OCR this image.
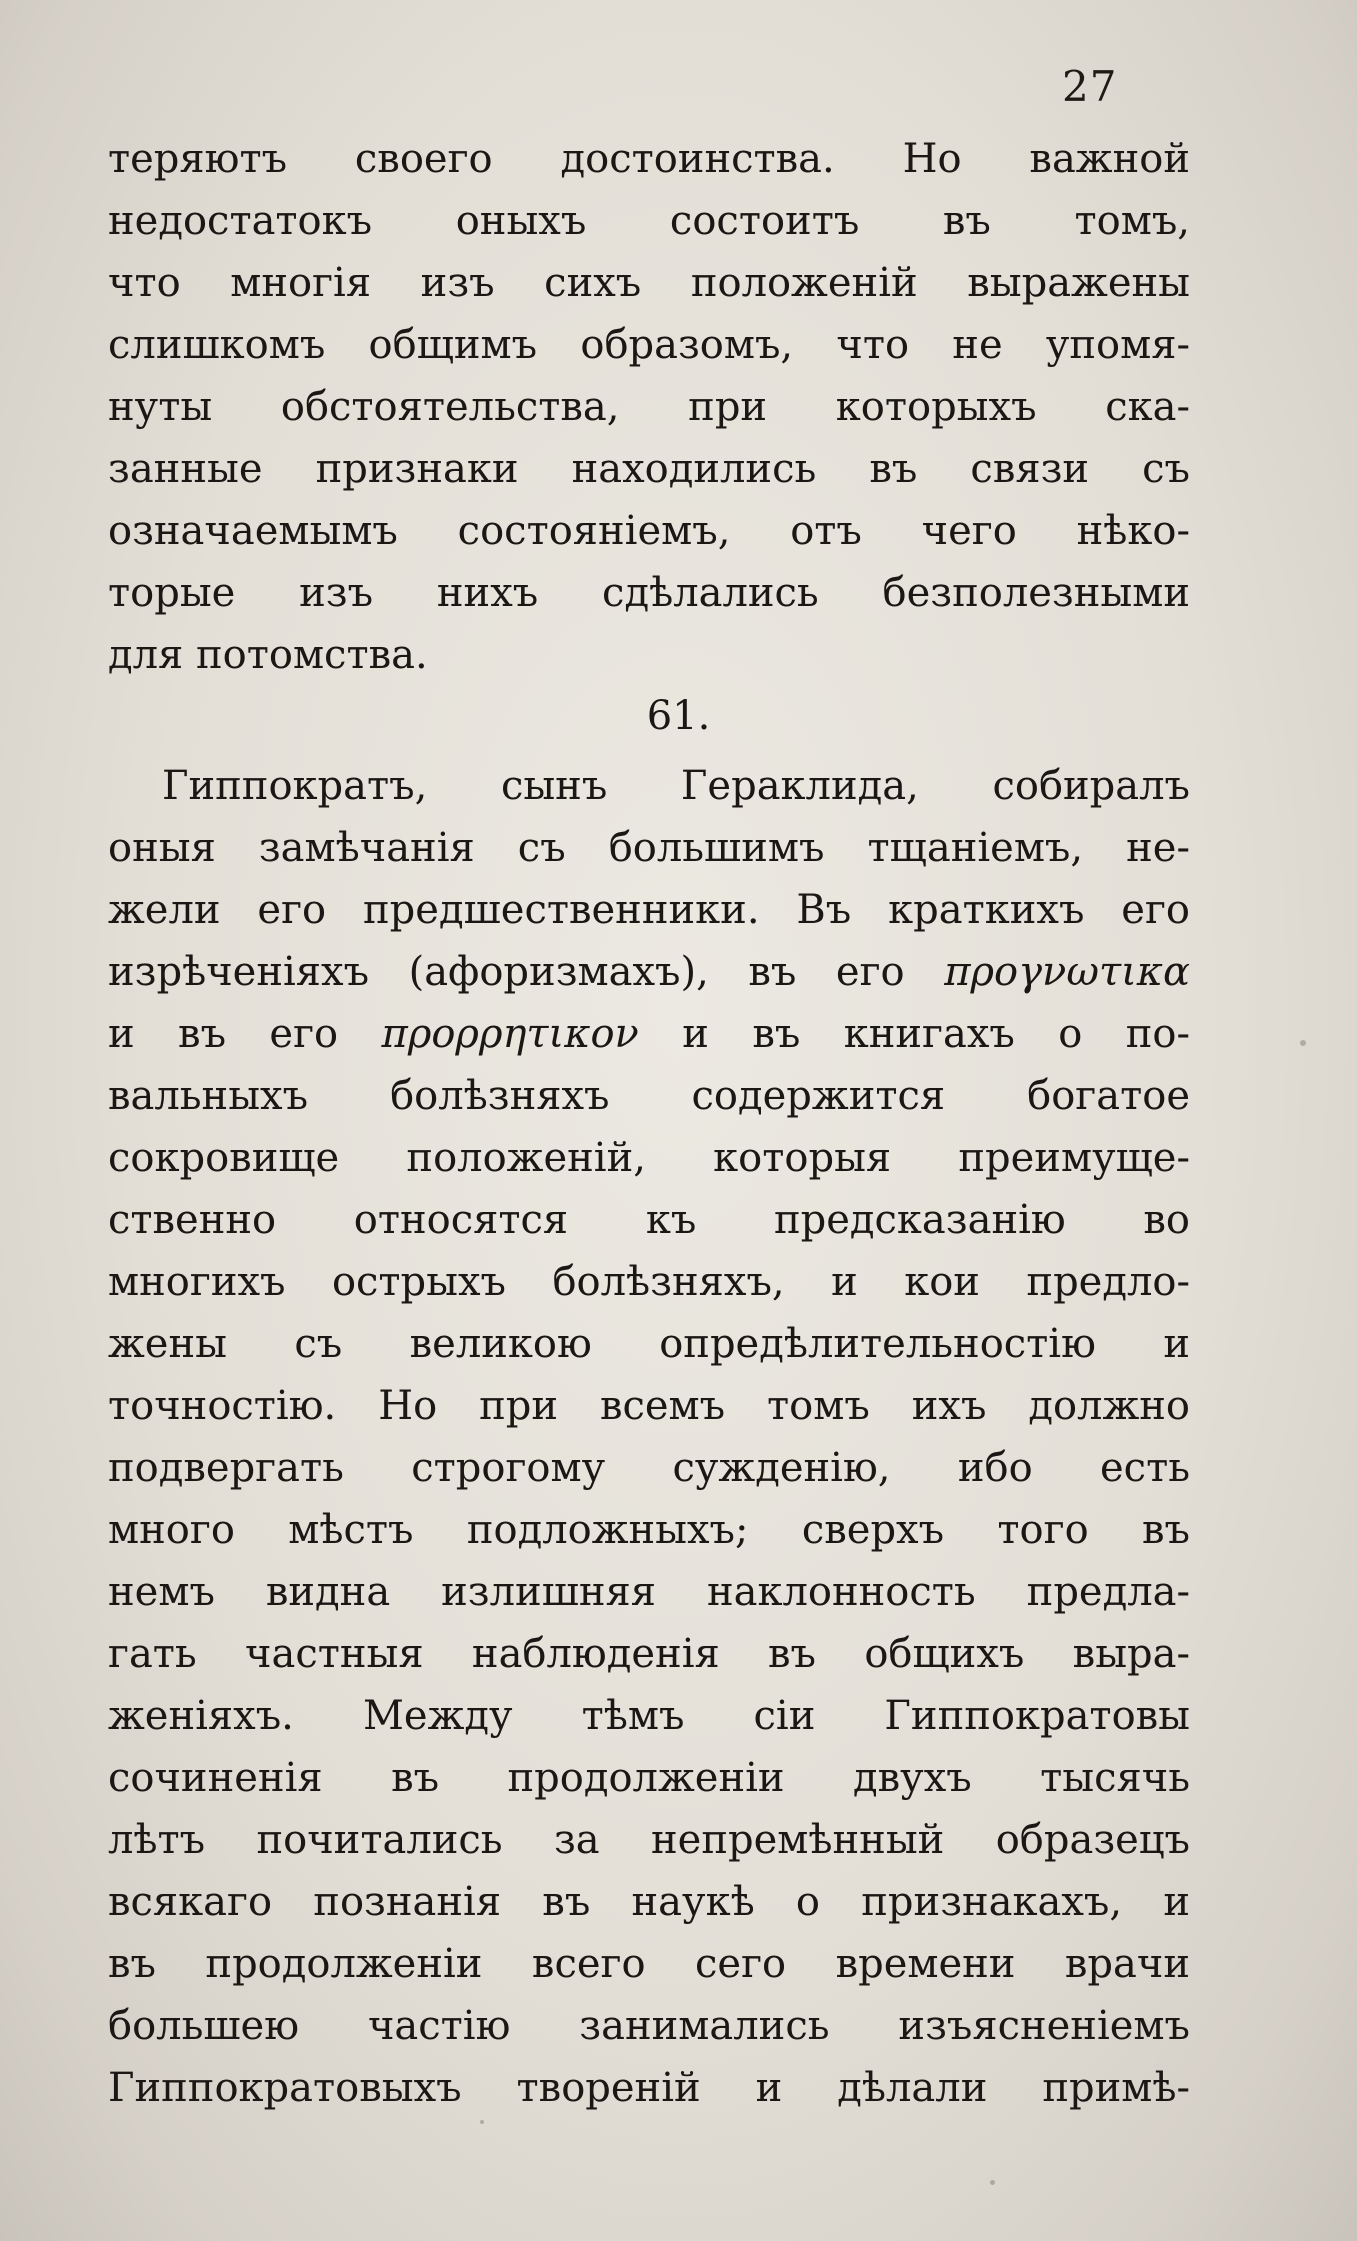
27
теряютъ своего достоинства. Но важной
недостатокъ оныхъ состоитъ въ томъ,
что многія изъ сихъ положеній выражены
слишкомъ общимъ образомъ, что не упомя-
нуты обстоятельства, при которыхъ ска-
занные признаки находились въ связи съ
означаемымъ состояніемъ, отъ чего нѣко-
торые изъ нихъ сдѣлались безполезными
для потомства.
61.
Гиппократъ, сынъ Гераклида, собиралъ
оныя замѣчанія съ большимъ тщаніемъ, не-
жели его предшественники. Въ краткихъ его
изрѣченіяхъ (афоризмахъ), въ его προγνωτικα
и въ его προρρητικον и въ книгахъ о по-
вальныхъ болѣзняхъ содержится богатое
сокровище положеній, которыя преимуще-
ственно относятся къ предсказанію во
многихъ острыхъ болѣзняхъ, и кои предло-
жены съ великою опредѣлительностію и
точностію. Но при всемъ томъ ихъ должно
подвергать строгому сужденію, ибо есть
много мѣстъ подложныхъ; сверхъ того въ
немъ видна излишняя наклонность предла-
гать частныя наблюденія въ общихъ выра-
женіяхъ. Между тѣмъ сіи Гиппократовы
сочиненія въ продолженіи двухъ тысячь
лѣтъ почитались за непремѣнный образецъ
всякаго познанія въ наукѣ о признакахъ, и
въ продолженіи всего сего времени врачи
большею частію занимались изъясненіемъ
Гиппократовыхъ твореній и дѣлали примѣ-
